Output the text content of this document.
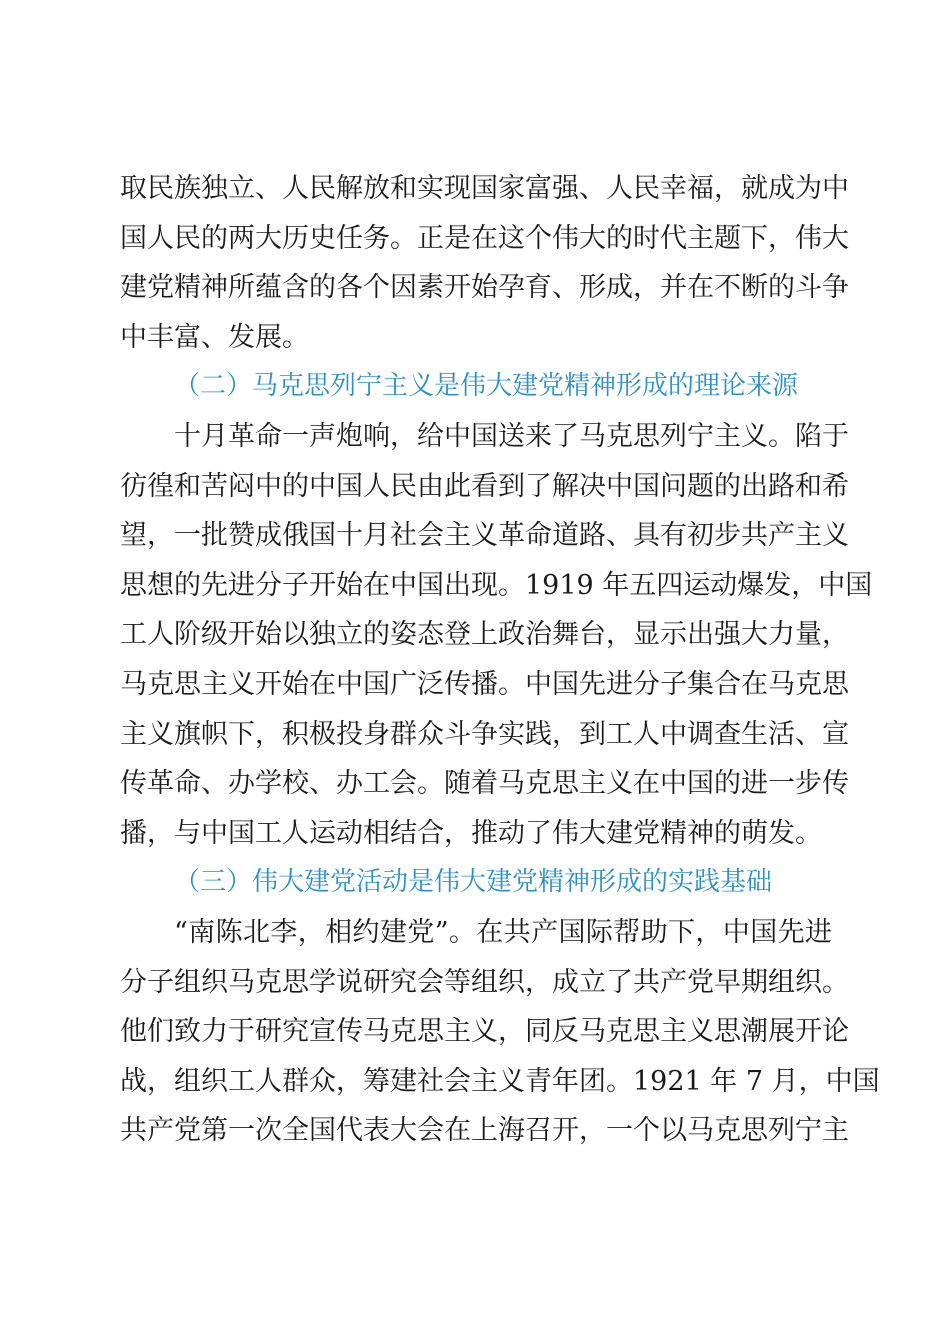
取民族独立、人民解放和实现国家富强、人民幸福，就成为中
国人民的两大历史任务。正是在这个伟大的时代主题下，伟大
建党精神所蕴含的各个因素开始孕育、形成，并在不断的斗争
中丰富、发展。
（二）马克思列宁主义是伟大建党精神形成的理论来源
十月革命一声炮响，给中国送来了马克思列宁主义。陷于
彷徨和苦闷中的中国人民由此看到了解决中国问题的出路和希
望，一批赞成俄国十月社会主义革命道路、具有初步共产主义
思想的先进分子开始在中国出现。1919 年五四运动爆发，中国
工人阶级开始以独立的姿态登上政治舞台，显示出强大力量，
马克思主义开始在中国广泛传播。中国先进分子集合在马克思
主义旗帜下，积极投身群众斗争实践，到工人中调查生活、宣
传革命、办学校、办工会。随着马克思主义在中国的进一步传
播，与中国工人运动相结合，推动了伟大建党精神的萌发。
（三）伟大建党活动是伟大建党精神形成的实践基础
“南陈北李，相约建党”。在共产国际帮助下，中国先进
分子组织马克思学说研究会等组织，成立了共产党早期组织。
他们致力于研究宣传马克思主义，同反马克思主义思潮展开论
战，组织工人群众，筹建社会主义青年团。1921 年 7 月，中国
共产党第一次全国代表大会在上海召开，一个以马克思列宁主
